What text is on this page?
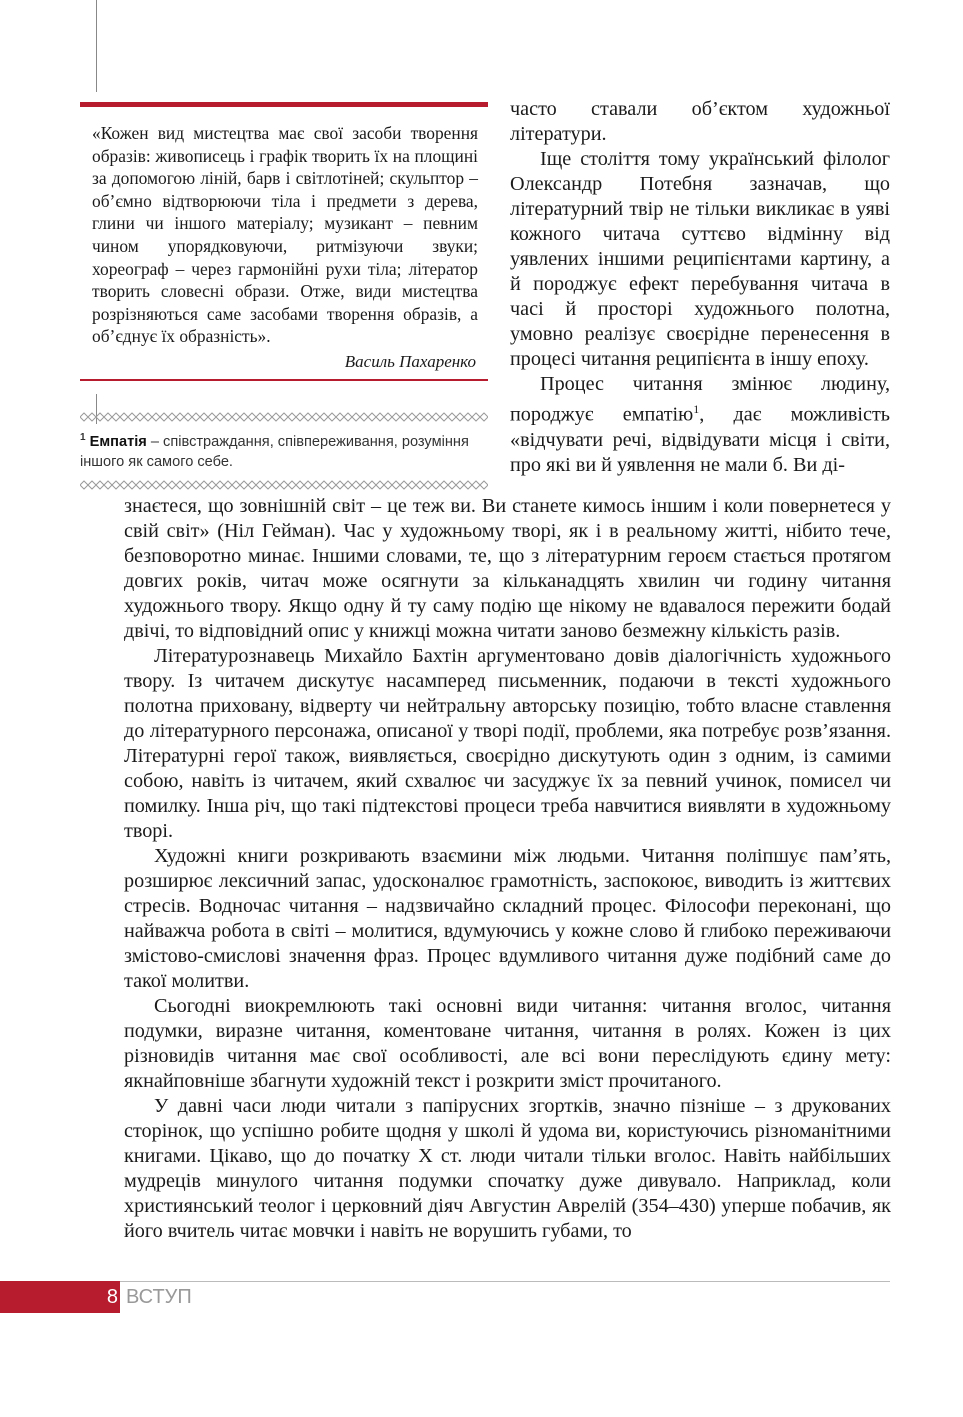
«Кожен вид мистецтва має свої засоби творення образів: живописець і графік творить їх на площині за допомогою ліній, барв і світлотіней; скульптор – об’ємно відтворюючи тіла і предмети з дерева, глини чи іншого матеріалу; музикант – певним чином упорядковуючи, ритмізуючи звуки; хореограф – через гармонійні рухи тіла; літератор творить словесні образи. Отже, види мистецтва розрізняються саме засобами творення образів, а об’єднує їх образність».

Василь Пахаренко

$^1$ Емпатія – співстраждання, співпереживання, розуміння іншого як самого себе.

часто ставали об’єктом художньої літератури.

Іще століття тому український філолог Олександр Потебня зазначав, що літературний твір не тільки викликає в уяві кожного читача суттєво відмінну від уявлених іншими реципієнтами картину, а й породжує ефект перебування читача в часі й просторі художнього полотна, умовно реалізує своєрідне перенесення в процесі читання реципієнта в іншу епоху.

Процес читання змінює людину, породжує емпатію$^1$, дає можливість «відчувати речі, відвідувати місця і світи, про які ви й уявлення не мали б. Ви ді-

знаєтеся, що зовнішній світ – це теж ви. Ви станете кимось іншим і коли повернетеся у свій світ» (Ніл Гейман). Час у художньому творі, як і в реальному житті, нібито тече, безповоротно минає. Іншими словами, те, що з літературним героєм стається протягом довгих років, читач може осягнути за кільканадцять хвилин чи годину читання художнього твору. Якщо одну й ту саму подію ще нікому не вдавалося пережити бодай двічі, то відповідний опис у книжці можна читати заново безмежну кількість разів.

Літературознавець Михайло Бахтін аргументовано довів діалогічність художнього твору. Із читачем дискутує насамперед письменник, подаючи в тексті художнього полотна приховану, відверту чи нейтральну авторську позицію, тобто власне ставлення до літературного персонажа, описаної у творі події, проблеми, яка потребує розв’язання. Літературні герої також, виявляється, своєрідно дискутують один з одним, із самими собою, навіть із читачем, який схвалює чи засуджує їх за певний учинок, помисел чи помилку. Інша річ, що такі підтекстові процеси треба навчитися виявляти в художньому творі.

Художні книги розкривають взаємини між людьми. Читання поліпшує пам’ять, розширює лексичний запас, удосконалює грамотність, заспокоює, виводить із життєвих стресів. Водночас читання – надзвичайно складний процес. Філософи переконані, що найважча робота в світі – молитися, вдумуючись у кожне слово й глибоко переживаючи змістово-смислові значення фраз. Процес вдумливого читання дуже подібний саме до такої молитви.

Сьогодні виокремлюють такі основні види читання: читання вголос, читання подумки, виразне читання, коментоване читання, читання в ролях. Кожен із цих різновидів читання має свої особливості, але всі вони переслідують єдину мету: якнайповніше збагнути художній текст і розкрити зміст прочитаного.

У давні часи люди читали з папірусних згортків, значно пізніше – з друкованих сторінок, що успішно робите щодня у школі й удома ви, користуючись різноманітними книгами. Цікаво, що до початку Х ст. люди читали тільки вголос. Навіть найбільших мудреців минулого читання подумки спочатку дуже дивувало. Наприклад, коли християнський теолог і церковний діяч Августин Аврелій (354–430) уперше побачив, як його вчитель читає мовчки і навіть не ворушить губами, то

8 ВСТУП
